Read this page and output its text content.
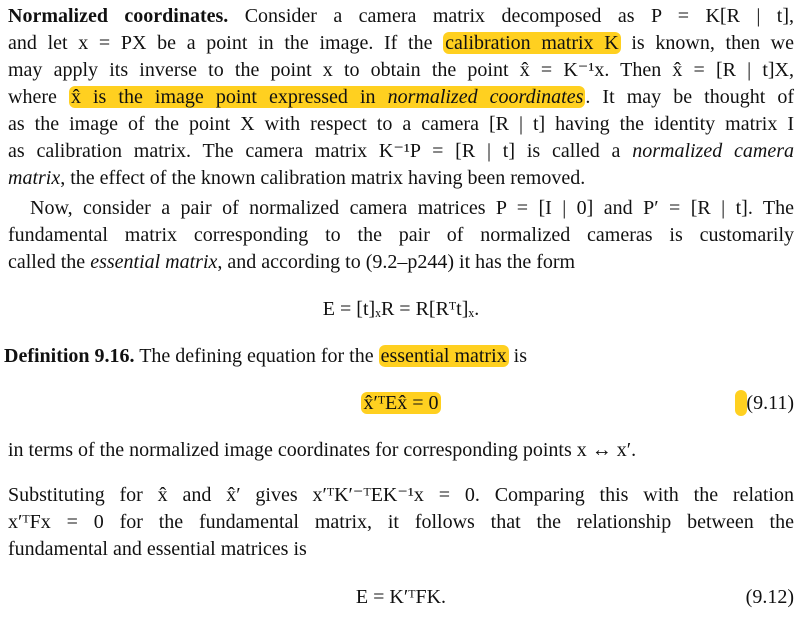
Normalized coordinates. Consider a camera matrix decomposed as P = K[R | t],
and let x = PX be a point in the image. If the calibration matrix K is known, then we
may apply its inverse to the point x to obtain the point x̂ = K⁻¹x. Then x̂ = [R | t]X,
where x̂ is the image point expressed in normalized coordinates . It may be thought of
as the image of the point X with respect to a camera [R | t] having the identity matrix I
as calibration matrix. The camera matrix K⁻¹P = [R | t] is called a normalized camera
matrix, the effect of the known calibration matrix having been removed.
Now, consider a pair of normalized camera matrices P = [I | 0] and P′ = [R | t]. The
fundamental matrix corresponding to the pair of normalized cameras is customarily
called the essential matrix, and according to (9.2–p244) it has the form
E = [t]ₓR = R[Rᵀt]ₓ.
Definition 9.16. The defining equation for the essential matrix is
x̂′ᵀEx̂ = 0	(9.11)
in terms of the normalized image coordinates for corresponding points x ↔ x′.
Substituting for x̂ and x̂′ gives x′ᵀK′⁻ᵀEK⁻¹x = 0. Comparing this with the relation
x′ᵀFx = 0 for the fundamental matrix, it follows that the relationship between the
fundamental and essential matrices is
E = K′ᵀFK.	(9.12)
